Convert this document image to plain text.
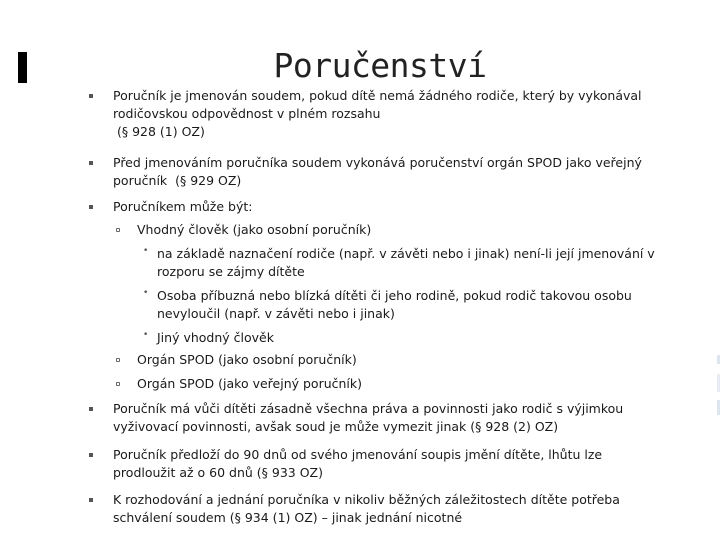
Poručenství
Poručník je jmenován soudem, pokud dítě nemá žádného rodiče, který by vykonával
rodičovskou odpovědnost v plném rozsahu
(§ 928 (1) OZ)
Před jmenováním poručníka soudem vykonává poručenství orgán SPOD jako veřejný
poručník  (§ 929 OZ)
Poručníkem může být:
Vhodný člověk (jako osobní poručník)
• na základě naznačení rodiče (např. v závěti nebo i jinak) není-li její jmenování v
rozporu se zájmy dítěte
• Osoba příbuzná nebo blízká dítěti či jeho rodině, pokud rodič takovou osobu
nevyloučil (např. v závěti nebo i jinak)
• Jiný vhodný člověk
Orgán SPOD (jako osobní poručník)
Orgán SPOD (jako veřejný poručník)
Poručník má vůči dítěti zásadně všechna práva a povinnosti jako rodič s výjimkou
vyživovací povinnosti, avšak soud je může vymezit jinak (§ 928 (2) OZ)
Poručník předloží do 90 dnů od svého jmenování soupis jmění dítěte, lhůtu lze
prodloužit až o 60 dnů (§ 933 OZ)
K rozhodování a jednání poručníka v nikoliv běžných záležitostech dítěte potřeba
schválení soudem (§ 934 (1) OZ) – jinak jednání nicotné
